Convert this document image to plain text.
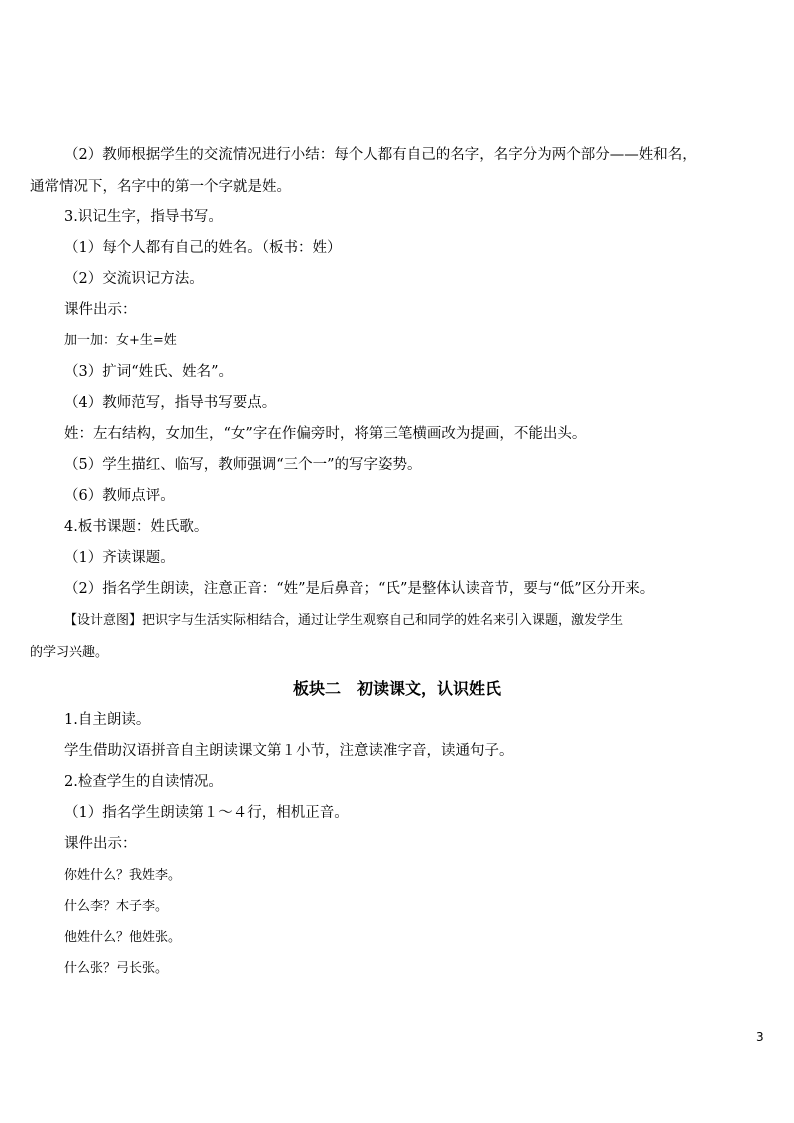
（2）教师根据学生的交流情况进行小结：每个人都有自己的名字，名字分为两个部分——姓和名，
通常情况下，名字中的第一个字就是姓。
3.识记生字，指导书写。
（1）每个人都有自己的姓名。（板书：姓）
（2）交流识记方法。
课件出示：
加一加：女+生=姓
（3）扩词“姓氏、姓名”。
（4）教师范写，指导书写要点。
姓：左右结构，女加生，“女”字在作偏旁时，将第三笔横画改为提画，不能出头。
（5）学生描红、临写，教师强调“三个一”的写字姿势。
（6）教师点评。
4.板书课题：姓氏歌。
（1）齐读课题。
（2）指名学生朗读，注意正音：“姓”是后鼻音；“氏”是整体认读音节，要与“低”区分开来。
【设计意图】把识字与生活实际相结合，通过让学生观察自己和同学的姓名来引入课题，激发学生
的学习兴趣。
板块二　初读课文，认识姓氏
1.自主朗读。
学生借助汉语拼音自主朗读课文第１小节，注意读准字音，读通句子。
2.检查学生的自读情况。
（1）指名学生朗读第１～４行，相机正音。
课件出示：
你姓什么？我姓李。
什么李？木子李。
他姓什么？他姓张。
什么张？弓长张。
3
